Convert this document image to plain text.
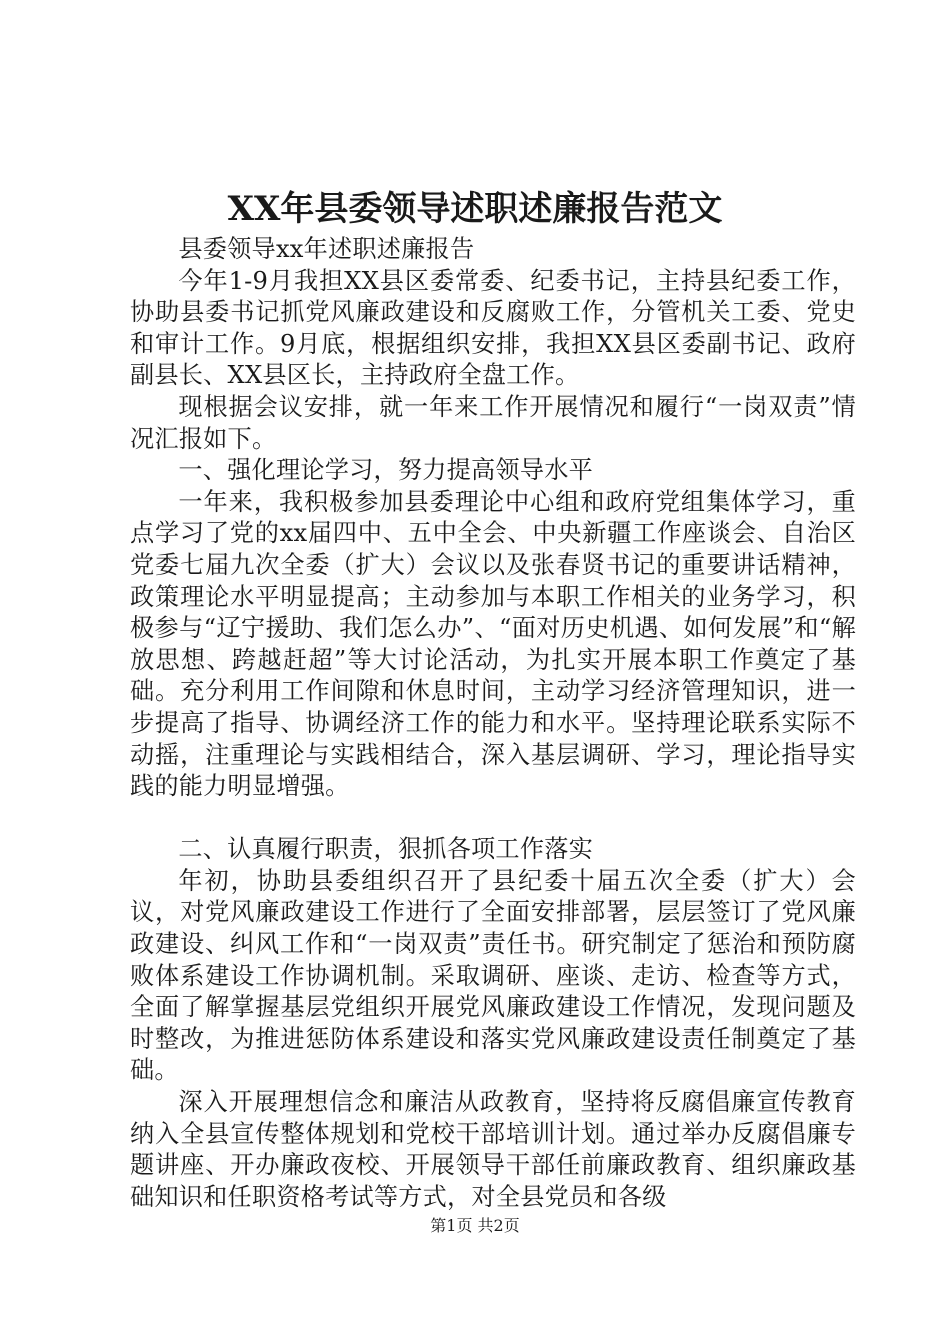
XX年县委领导述职述廉报告范文

县委领导xx年述职述廉报告

今年1-9月我担XX县区委常委、纪委书记，主持县纪委工作，协助县委书记抓党风廉政建设和反腐败工作，分管机关工委、党史和审计工作。9月底，根据组织安排，我担XX县区委副书记、政府副县长、XX县区长，主持政府全盘工作。

现根据会议安排，就一年来工作开展情况和履行“一岗双责”情况汇报如下。

一、强化理论学习，努力提高领导水平

一年来，我积极参加县委理论中心组和政府党组集体学习，重点学习了党的xx届四中、五中全会、中央新疆工作座谈会、自治区党委七届九次全委（扩大）会议以及张春贤书记的重要讲话精神，政策理论水平明显提高；主动参加与本职工作相关的业务学习，积极参与“辽宁援助、我们怎么办”、“面对历史机遇、如何发展”和“解放思想、跨越赶超”等大讨论活动，为扎实开展本职工作奠定了基础。充分利用工作间隙和休息时间，主动学习经济管理知识，进一步提高了指导、协调经济工作的能力和水平。坚持理论联系实际不动摇，注重理论与实践相结合，深入基层调研、学习，理论指导实践的能力明显增强。

二、认真履行职责，狠抓各项工作落实

年初，协助县委组织召开了县纪委十届五次全委（扩大）会议，对党风廉政建设工作进行了全面安排部署，层层签订了党风廉政建设、纠风工作和“一岗双责”责任书。研究制定了惩治和预防腐败体系建设工作协调机制。采取调研、座谈、走访、检查等方式，全面了解掌握基层党组织开展党风廉政建设工作情况，发现问题及时整改，为推进惩防体系建设和落实党风廉政建设责任制奠定了基础。

深入开展理想信念和廉洁从政教育，坚持将反腐倡廉宣传教育纳入全县宣传整体规划和党校干部培训计划。通过举办反腐倡廉专题讲座、开办廉政夜校、开展领导干部任前廉政教育、组织廉政基础知识和任职资格考试等方式，对全县党员和各级

第1页 共2页
